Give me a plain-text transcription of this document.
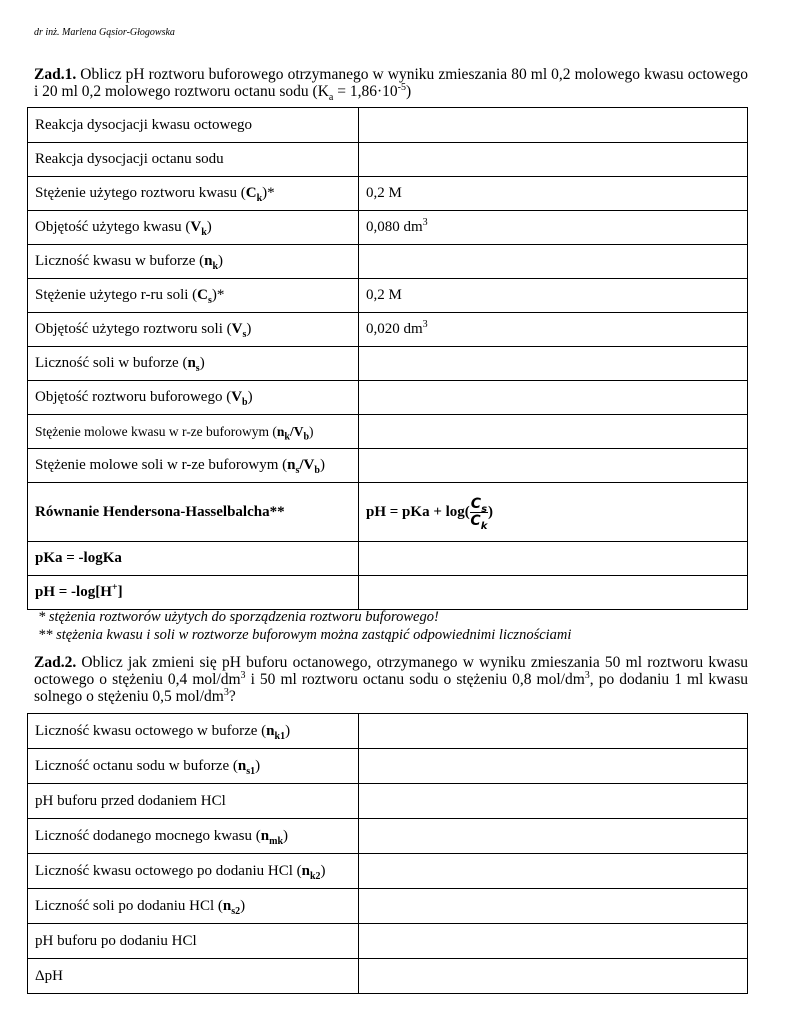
dr inż. Marlena Gąsior-Głogowska
Zad.1. Oblicz pH roztworu buforowego otrzymanego w wyniku zmieszania 80 ml 0,2 molowego kwasu octowego i 20 ml 0,2 molowego roztworu octanu sodu $(K_a = 1,86\cdot 10^{-5})$
Reakcja dysocjacji kwasu octowego	
Reakcja dysocjacji octanu sodu	
Stężenie użytego roztworu kwasu $(C_k)*$	0,2 M
Objętość użytego kwasu $(V_k)$	0,080 $dm^3$
Liczność kwasu w buforze $(n_k)$	
Stężenie użytego r-ru soli $(C_s)*$	0,2 M
Objętość użytego roztworu soli $(V_s)$	0,020 $dm^3$
Liczność soli w buforze $(n_s)$	
Objętość roztworu buforowego $(V_b)$	
Stężenie molowe kwasu w r-ze buforowym $(n_k/V_b)$	
Stężenie molowe soli w r-ze buforowym $(n_s/V_b)$	
Równanie Hendersona-Hasselbalcha**	pH = pKa + $\log( \frac{C_s}{C_k}$ )
pKa = -logKa	
pH = -log[H+]	
* stężenia roztworów użytych do sporządzenia roztworu buforowego!
** stężenia kwasu i soli w roztworze buforowym można zastąpić odpowiednimi licznościami
Zad.2. Oblicz jak zmieni się pH buforu octanowego, otrzymanego w wyniku zmieszania 50 ml roztworu kwasu octowego o stężeniu 0,4 mol/$dm^3$ i 50 ml roztworu octanu sodu o stężeniu 0,8 mol/$dm^3$, po dodaniu 1 ml kwasu solnego o stężeniu 0,5 mol/$dm^3$?
Liczność kwasu octowego w buforze $(n_{k1})$	
Liczność octanu sodu w buforze $(n_{s1})$	
pH buforu przed dodaniem HCl	
Liczność dodanego mocnego kwasu $(n_{mk})$	
Liczność kwasu octowego po dodaniu HCl $(n_{k2})$	
Liczność soli po dodaniu HCl $(n_{s2})$	
pH buforu po dodaniu HCl	
ΔpH	
